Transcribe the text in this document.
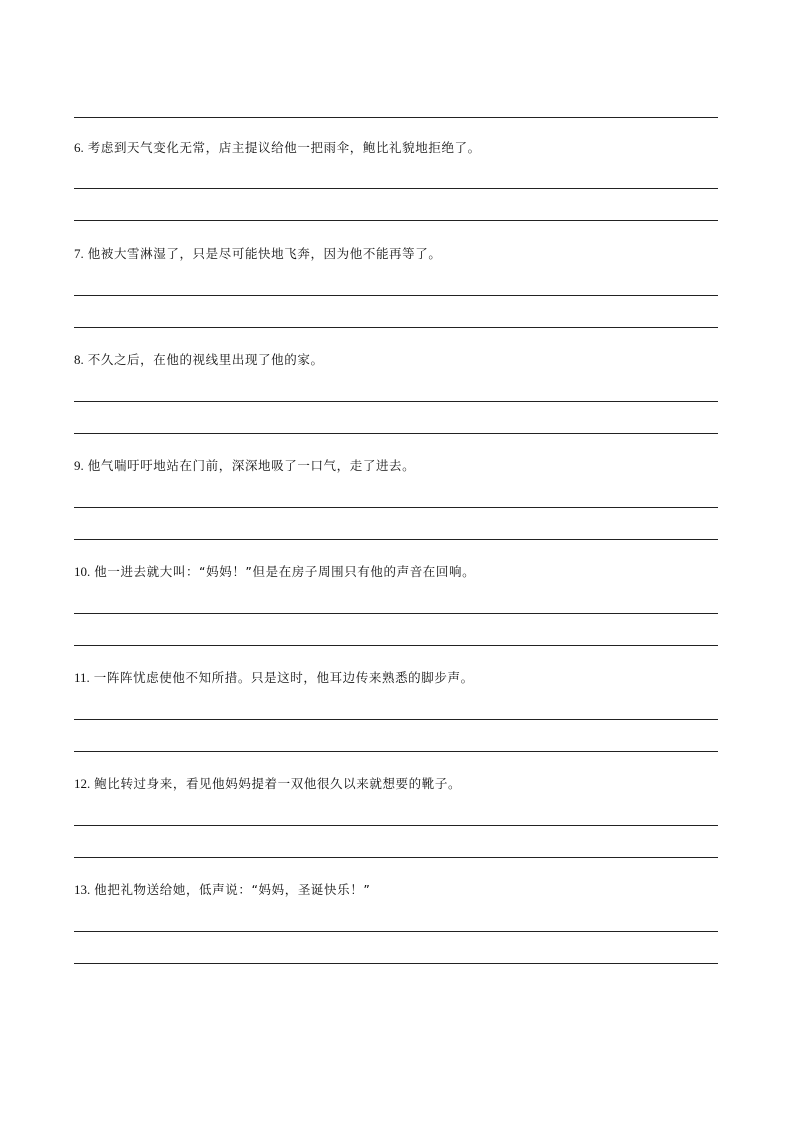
6. 考虑到天气变化无常，店主提议给他一把雨伞，鲍比礼貌地拒绝了。
7. 他被大雪淋湿了，只是尽可能快地飞奔，因为他不能再等了。
8. 不久之后，在他的视线里出现了他的家。
9. 他气喘吁吁地站在门前，深深地吸了一口气，走了进去。
10. 他一进去就大叫：“妈妈！”但是在房子周围只有他的声音在回响。
11. 一阵阵忧虑使他不知所措。只是这时，他耳边传来熟悉的脚步声。
12. 鲍比转过身来，看见他妈妈提着一双他很久以来就想要的靴子。
13. 他把礼物送给她，低声说：“妈妈，圣诞快乐！”
